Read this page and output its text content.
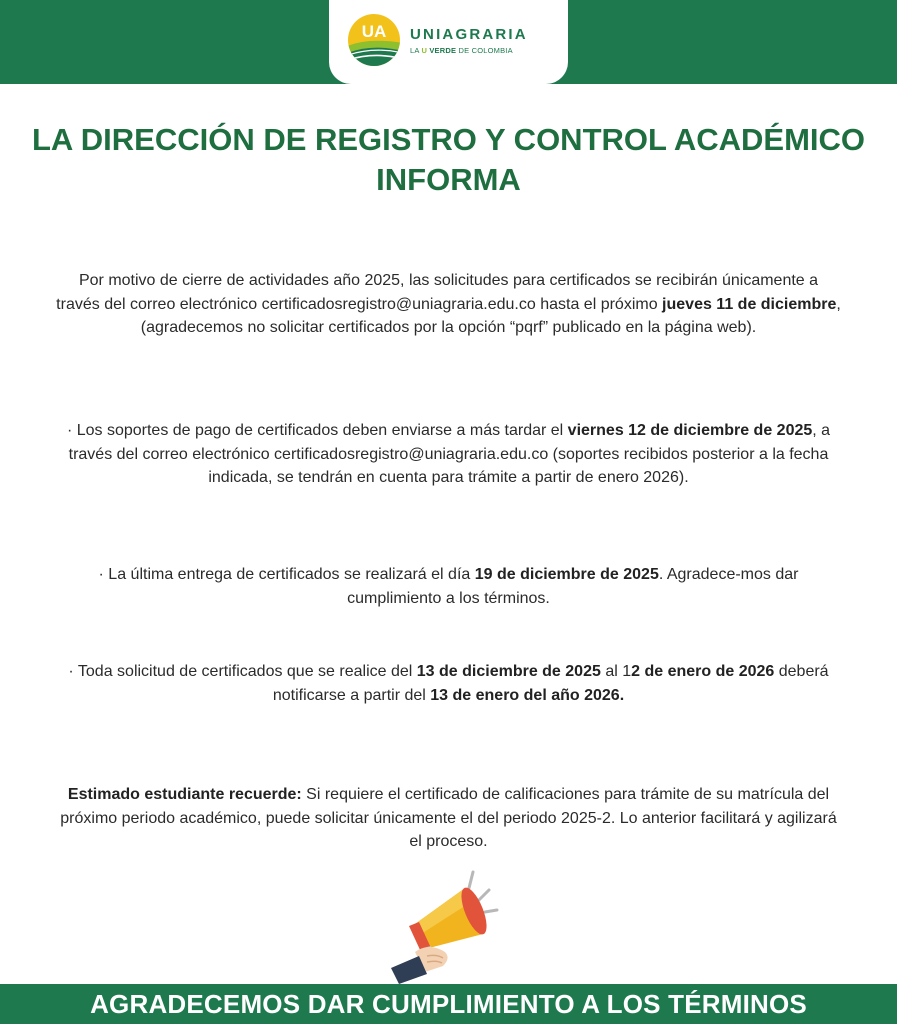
UA UNIAGRARIA
LA U VERDE DE COLOMBIA
LA DIRECCIÓN DE REGISTRO Y CONTROL ACADÉMICO
INFORMA

Por motivo de cierre de actividades año 2025, las solicitudes para certificados se recibirán únicamente a través del correo electrónico certificadosregistro@uniagraria.edu.co hasta el próximo jueves 11 de diciembre, (agradecemos no solicitar certificados por la opción “pqrf” publicado en la página web).

· Los soportes de pago de certificados deben enviarse a más tardar el viernes 12 de diciembre de 2025, a través del correo electrónico certificadosregistro@uniagraria.edu.co (soportes recibidos posterior a la fecha indicada, se tendrán en cuenta para trámite a partir de enero 2026).

· La última entrega de certificados se realizará el día 19 de diciembre de 2025. Agradece-mos dar cumplimiento a los términos.

· Toda solicitud de certificados que se realice del 13 de diciembre de 2025 al 12 de enero de 2026 deberá notificarse a partir del 13 de enero del año 2026.

Estimado estudiante recuerde: Si requiere el certificado de calificaciones para trámite de su matrícula del próximo periodo académico, puede solicitar únicamente el del periodo 2025-2. Lo anterior facilitará y agilizará el proceso.

AGRADECEMOS DAR CUMPLIMIENTO A LOS TÉRMINOS
